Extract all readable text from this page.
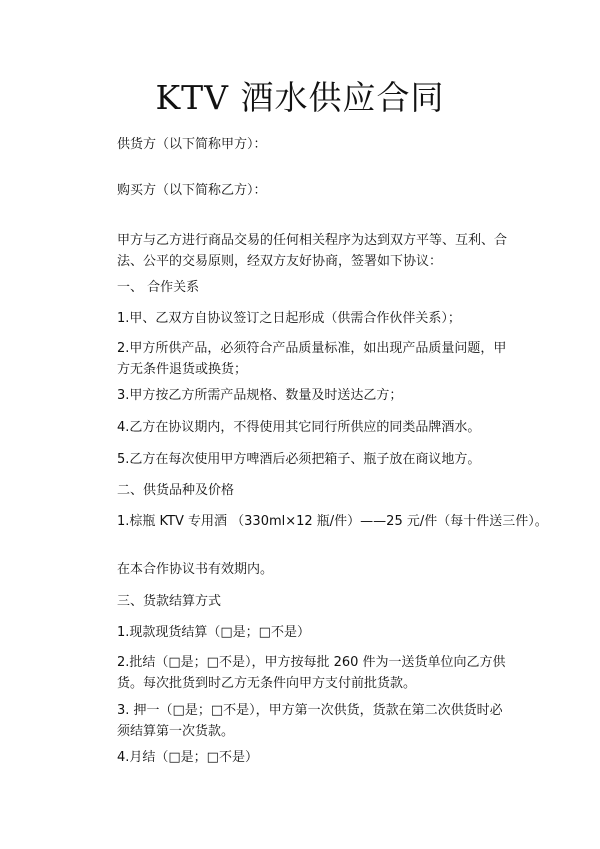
KTV 酒水供应合同
供货方（以下简称甲方）：
购买方（以下简称乙方）：
甲方与乙方进行商品交易的任何相关程序为达到双方平等、互利、合法、公平的交易原则，经双方友好协商，签署如下协议：
一、 合作关系
1.甲、乙双方自协议签订之日起形成（供需合作伙伴关系）；
2.甲方所供产品，必须符合产品质量标准，如出现产品质量问题，甲方无条件退货或换货；
3.甲方按乙方所需产品规格、数量及时送达乙方；
4.乙方在协议期内，不得使用其它同行所供应的同类品牌酒水。
5.乙方在每次使用甲方啤酒后必须把箱子、瓶子放在商议地方。
二、供货品种及价格
1.棕瓶 KTV 专用酒 （330ml×12 瓶/件）——25 元/件（每十件送三件）。
在本合作协议书有效期内。
三、货款结算方式
1.现款现货结算（□是；□不是）
2.批结（□是；□不是），甲方按每批 260 件为一送货单位向乙方供货。每次批货到时乙方无条件向甲方支付前批货款。
3. 押一（□是；□不是），甲方第一次供货，货款在第二次供货时必须结算第一次货款。
4.月结（□是；□不是）
